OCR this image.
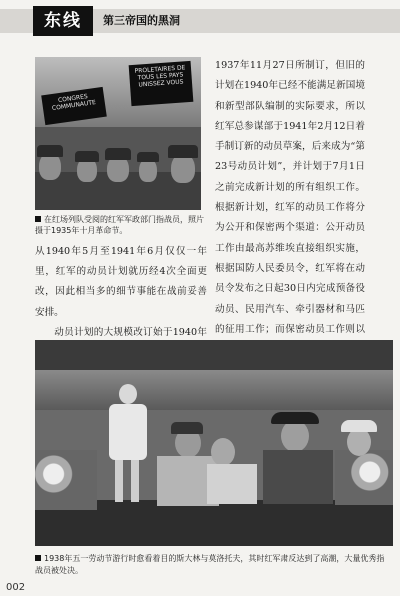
东线	第三帝国的黑洞
CONGRES COMMUNAUTE
PROLETAIRES DE TOUS LES PAYS UNISSEZ VOUS
在红场列队受阅的红军军政部门指战员，照片摄于1935年十月革命节。

从1940年5月至1941年6月仅仅一年里，红军的动员计划就历经4次全面更改，因此相当多的细节事能在战前妥善安排。

动员计划的大规模改订始于1940年

1937年11月27日所制订，但旧的计划在1940年已经不能满足新国境和新型部队编制的实际要求，所以红军总参谋部于1941年2月12日着手制订新的动员草案，后来成为“第23号动员计划”，并计划于7月1日之前完成新计划的所有组织工作。根据新计划，红军的动员工作将分为公开和保密两个渠道：公开动员工作由最高苏维埃直接组织实施，根据国防人民委员令，红军将在动员令发布之日起30日内完成预备役动员、民用汽车、牵引器材和马匹的征用工作；而保密动员工作则以

1938年五一劳动节游行时愈看着目的斯大林与莫洛托夫，其时红军肃反达到了高潮，大量优秀指战员被处决。
002
